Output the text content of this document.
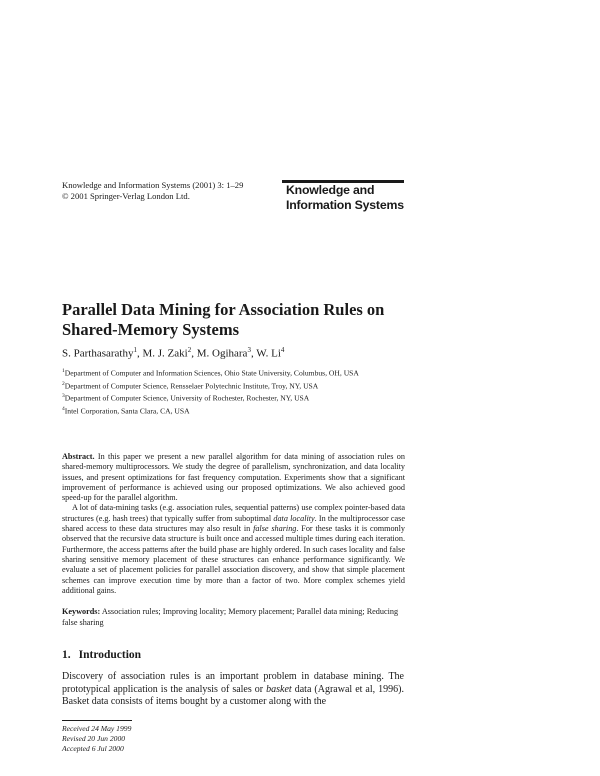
Knowledge and Information Systems (2001) 3: 1–29
© 2001 Springer-Verlag London Ltd.	Knowledge and
Information Systems
Parallel Data Mining for Association Rules on
Shared-Memory Systems
S. Parthasarathy$^1$, M. J. Zaki$^2$, M. Ogihara$^3$, W. Li$^4$
$^1$Department of Computer and Information Sciences, Ohio State University, Columbus, OH, USA
$^2$Department of Computer Science, Rensselaer Polytechnic Institute, Troy, NY, USA
$^3$Department of Computer Science, University of Rochester, Rochester, NY, USA
$^4$Intel Corporation, Santa Clara, CA, USA

Abstract. In this paper we present a new parallel algorithm for data mining of association rules on shared-memory multiprocessors. We study the degree of parallelism, synchronization, and data locality issues, and present optimizations for fast frequency computation. Experiments show that a significant improvement of performance is achieved using our proposed optimizations. We also achieved good speed-up for the parallel algorithm.

A lot of data-mining tasks (e.g. association rules, sequential patterns) use complex pointer-based data structures (e.g. hash trees) that typically suffer from suboptimal data locality. In the multiprocessor case shared access to these data structures may also result in false sharing. For these tasks it is commonly observed that the recursive data structure is built once and accessed multiple times during each iteration. Furthermore, the access patterns after the build phase are highly ordered. In such cases locality and false sharing sensitive memory placement of these structures can enhance performance significantly. We evaluate a set of placement policies for parallel association discovery, and show that simple placement schemes can improve execution time by more than a factor of two. More complex schemes yield additional gains.

Keywords: Association rules; Improving locality; Memory placement; Parallel data mining; Reducing false sharing
1. Introduction
Discovery of association rules is an important problem in database mining. The prototypical application is the analysis of sales or basket data (Agrawal et al, 1996). Basket data consists of items bought by a customer along with the
Received 24 May 1999
Revised 20 Jun 2000
Accepted 6 Jul 2000
